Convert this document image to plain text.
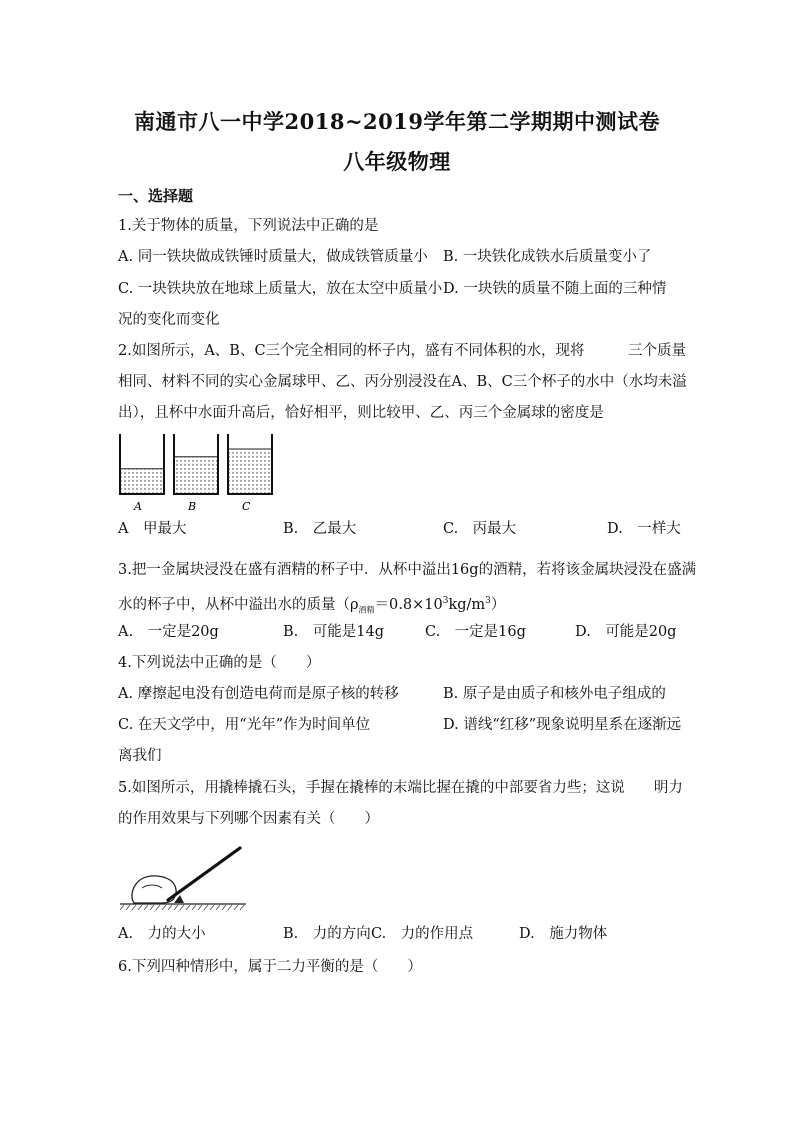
南通市八一中学2018~2019学年第二学期期中测试卷
八年级物理
一、选择题
1.关于物体的质量，下列说法中正确的是
A. 同一铁块做成铁锤时质量大，做成铁管质量小 B. 一块铁化成铁水后质量变小了
C. 一块铁块放在地球上质量大，放在太空中质量小 D. 一块铁的质量不随上面的三种情
况的变化而变化
2.如图所示，A、B、C三个完全相同的杯子内，盛有不同体积的水，现将　　　三个质量
相同、材料不同的实心金属球甲、乙、丙分别浸没在A、B、C三个杯子的水中（水均未溢
出），且杯中水面升高后，恰好相平，则比较甲、乙、丙三个金属球的密度是
A	B	C
A　甲最大	B.　乙最大	C.　丙最大	D.　一样大
3.把一金属块浸没在盛有酒精的杯子中．从杯中溢出16g的酒精，若将该金属块浸没在盛满
水的杯子中，从杯中溢出水的质量$(\rho_{酒精}=0.8\times 10^3kg/m^3)$
A.　一定是20g	B.　可能是14g	C.　一定是16g	D.　可能是20g
4.下列说法中正确的是（　　）
A. 摩擦起电没有创造电荷而是原子核的转移	B. 原子是由质子和核外电子组成的
C. 在天文学中，用“光年”作为时间单位	D. 谱线“红移”现象说明星系在逐渐远
离我们
5.如图所示，用撬棒撬石头，手握在撬棒的末端比握在撬的中部要省力些；这说　　明力
的作用效果与下列哪个因素有关（　　）
A.　力的大小	B.　力的方向 C.　力的作用点	D.　施力物体
6.下列四种情形中，属于二力平衡的是（　　）
